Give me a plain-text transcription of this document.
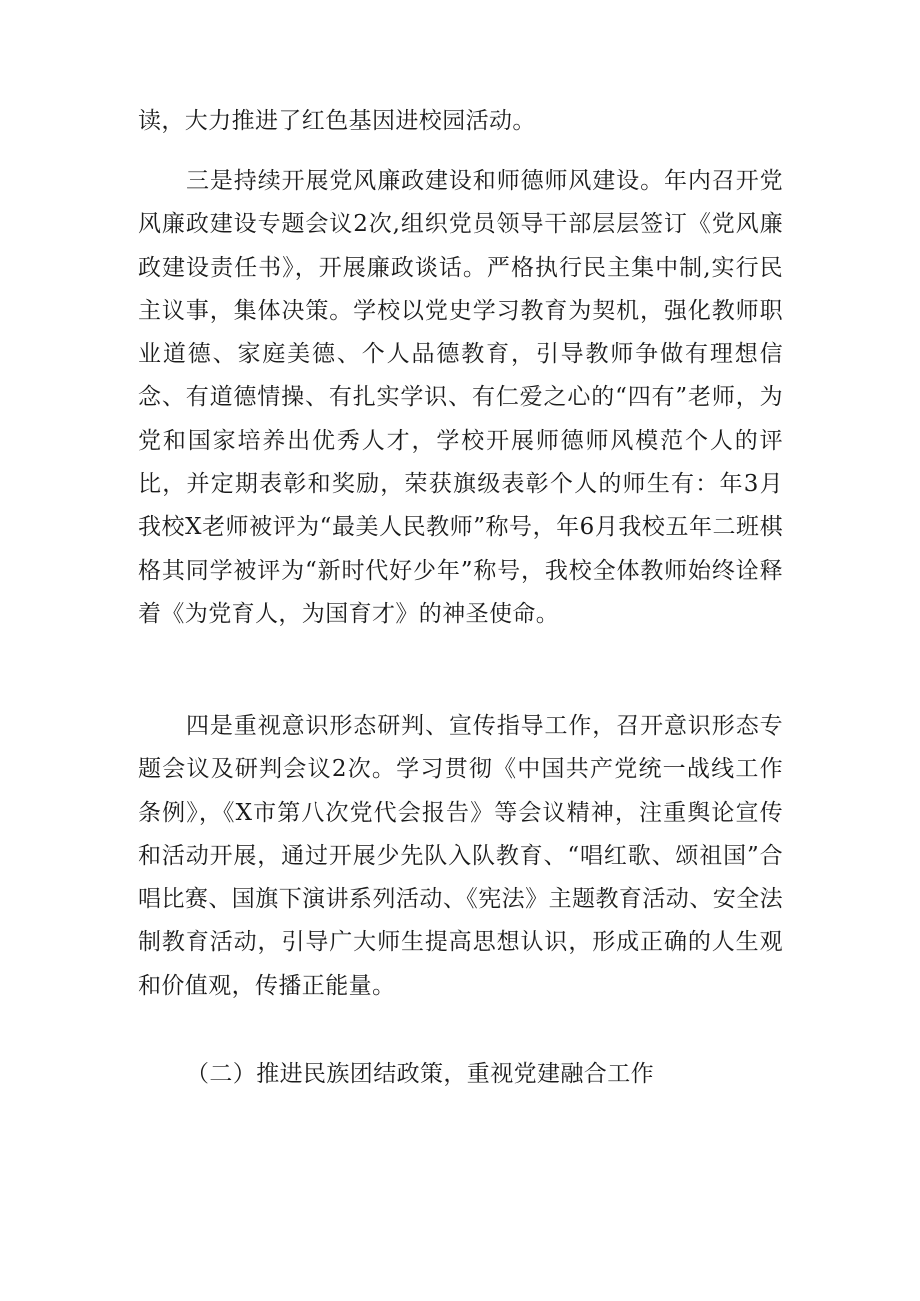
读，大力推进了红色基因进校园活动。

三是持续开展党风廉政建设和师德师风建设。年内召开党风廉政建设专题会议2次,组织党员领导干部层层签订《党风廉政建设责任书》，开展廉政谈话。严格执行民主集中制,实行民主议事，集体决策。学校以党史学习教育为契机，强化教师职业道德、家庭美德、个人品德教育，引导教师争做有理想信念、有道德情操、有扎实学识、有仁爱之心的“四有”老师，为党和国家培养出优秀人才，学校开展师德师风模范个人的评比，并定期表彰和奖励，荣获旗级表彰个人的师生有：年3月我校X老师被评为“最美人民教师”称号，年6月我校五年二班棋格其同学被评为“新时代好少年”称号，我校全体教师始终诠释着《为党育人，为国育才》的神圣使命。

四是重视意识形态研判、宣传指导工作，召开意识形态专题会议及研判会议2次。学习贯彻《中国共产党统一战线工作条例》，《X市第八次党代会报告》等会议精神，注重舆论宣传和活动开展，通过开展少先队入队教育、“唱红歌、颂祖国”合唱比赛、国旗下演讲系列活动、《宪法》主题教育活动、安全法制教育活动，引导广大师生提高思想认识，形成正确的人生观和价值观，传播正能量。

（二）推进民族团结政策，重视党建融合工作
